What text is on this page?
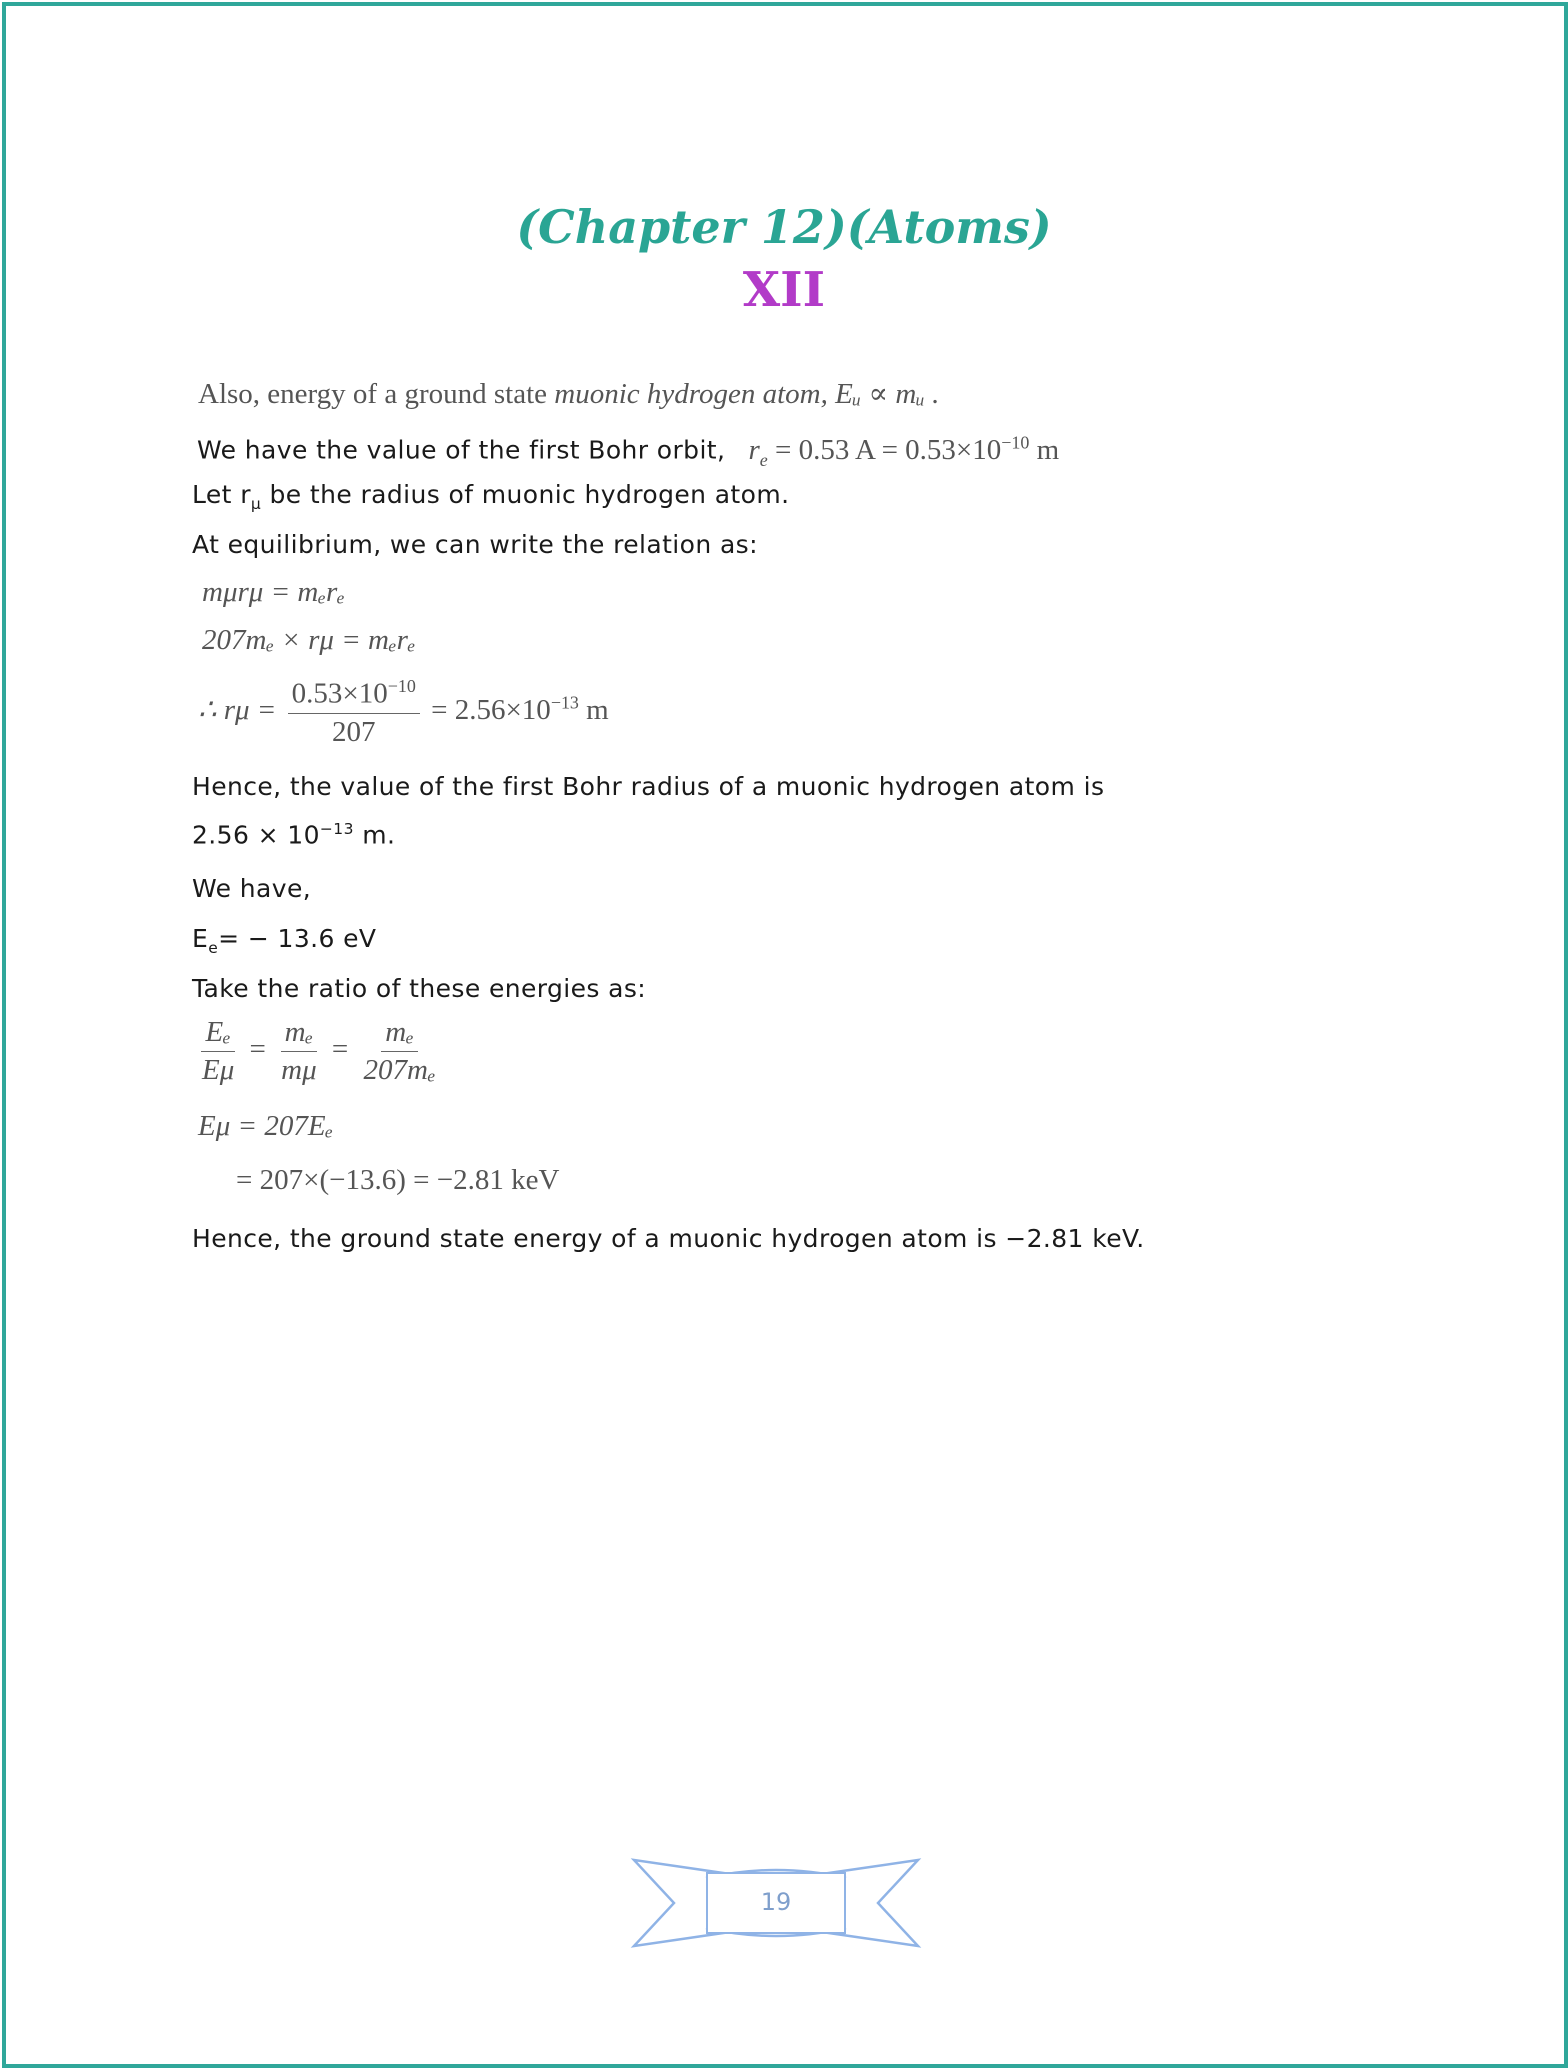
(Chapter 12)(Atoms)
XII
Also, energy of a ground state muonic hydrogen atom, Eᵤ ∝ mᵤ .
We have the value of the first Bohr orbit, $r_e = 0.53$ $A = 0.53\times 10^{-10}$ m
Let $r_\mu$ be the radius of muonic hydrogen atom.
At equilibrium, we can write the relation as:
mμrμ = mₑrₑ
207mₑ × rμ = mₑrₑ
∴ $r\mu = \frac{0.53\times 10^{-10}}{207} = 2.56\times 10^{-13}$ m
Hence, the value of the first Bohr radius of a muonic hydrogen atom is
$2.56 \times 10^{-13}$ m.
We have,
$E_e= - 13.6$ eV
Take the ratio of these energies as:
$\frac{\text{Eₑ}}{E\mu} = \frac{\text{mₑ}}{m\mu} = \frac{\text{mₑ}}{\text{207mₑ}}$
Eμ = 207Eₑ
= 207×(−13.6) = −2.81 keV
Hence, the ground state energy of a muonic hydrogen atom is −2.81 keV.
19
